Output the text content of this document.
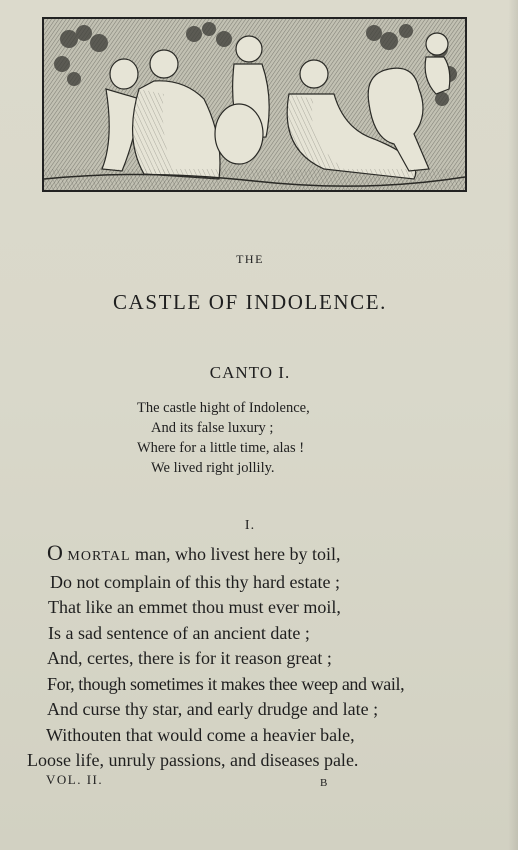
THE
CASTLE OF INDOLENCE.
CANTO I.
The castle hight of Indolence,
And its false luxury ;
Where for a little time, alas !
We lived right jollily.
I.
O MORTAL man, who livest here by toil,
Do not complain of this thy hard estate ;
That like an emmet thou must ever moil,
Is a sad sentence of an ancient date ;
And, certes, there is for it reason great ;
For, though sometimes it makes thee weep and wail,
And curse thy star, and early drudge and late ;
Withouten that would come a heavier bale,
Loose life, unruly passions, and diseases pale.
VOL. II.	B
